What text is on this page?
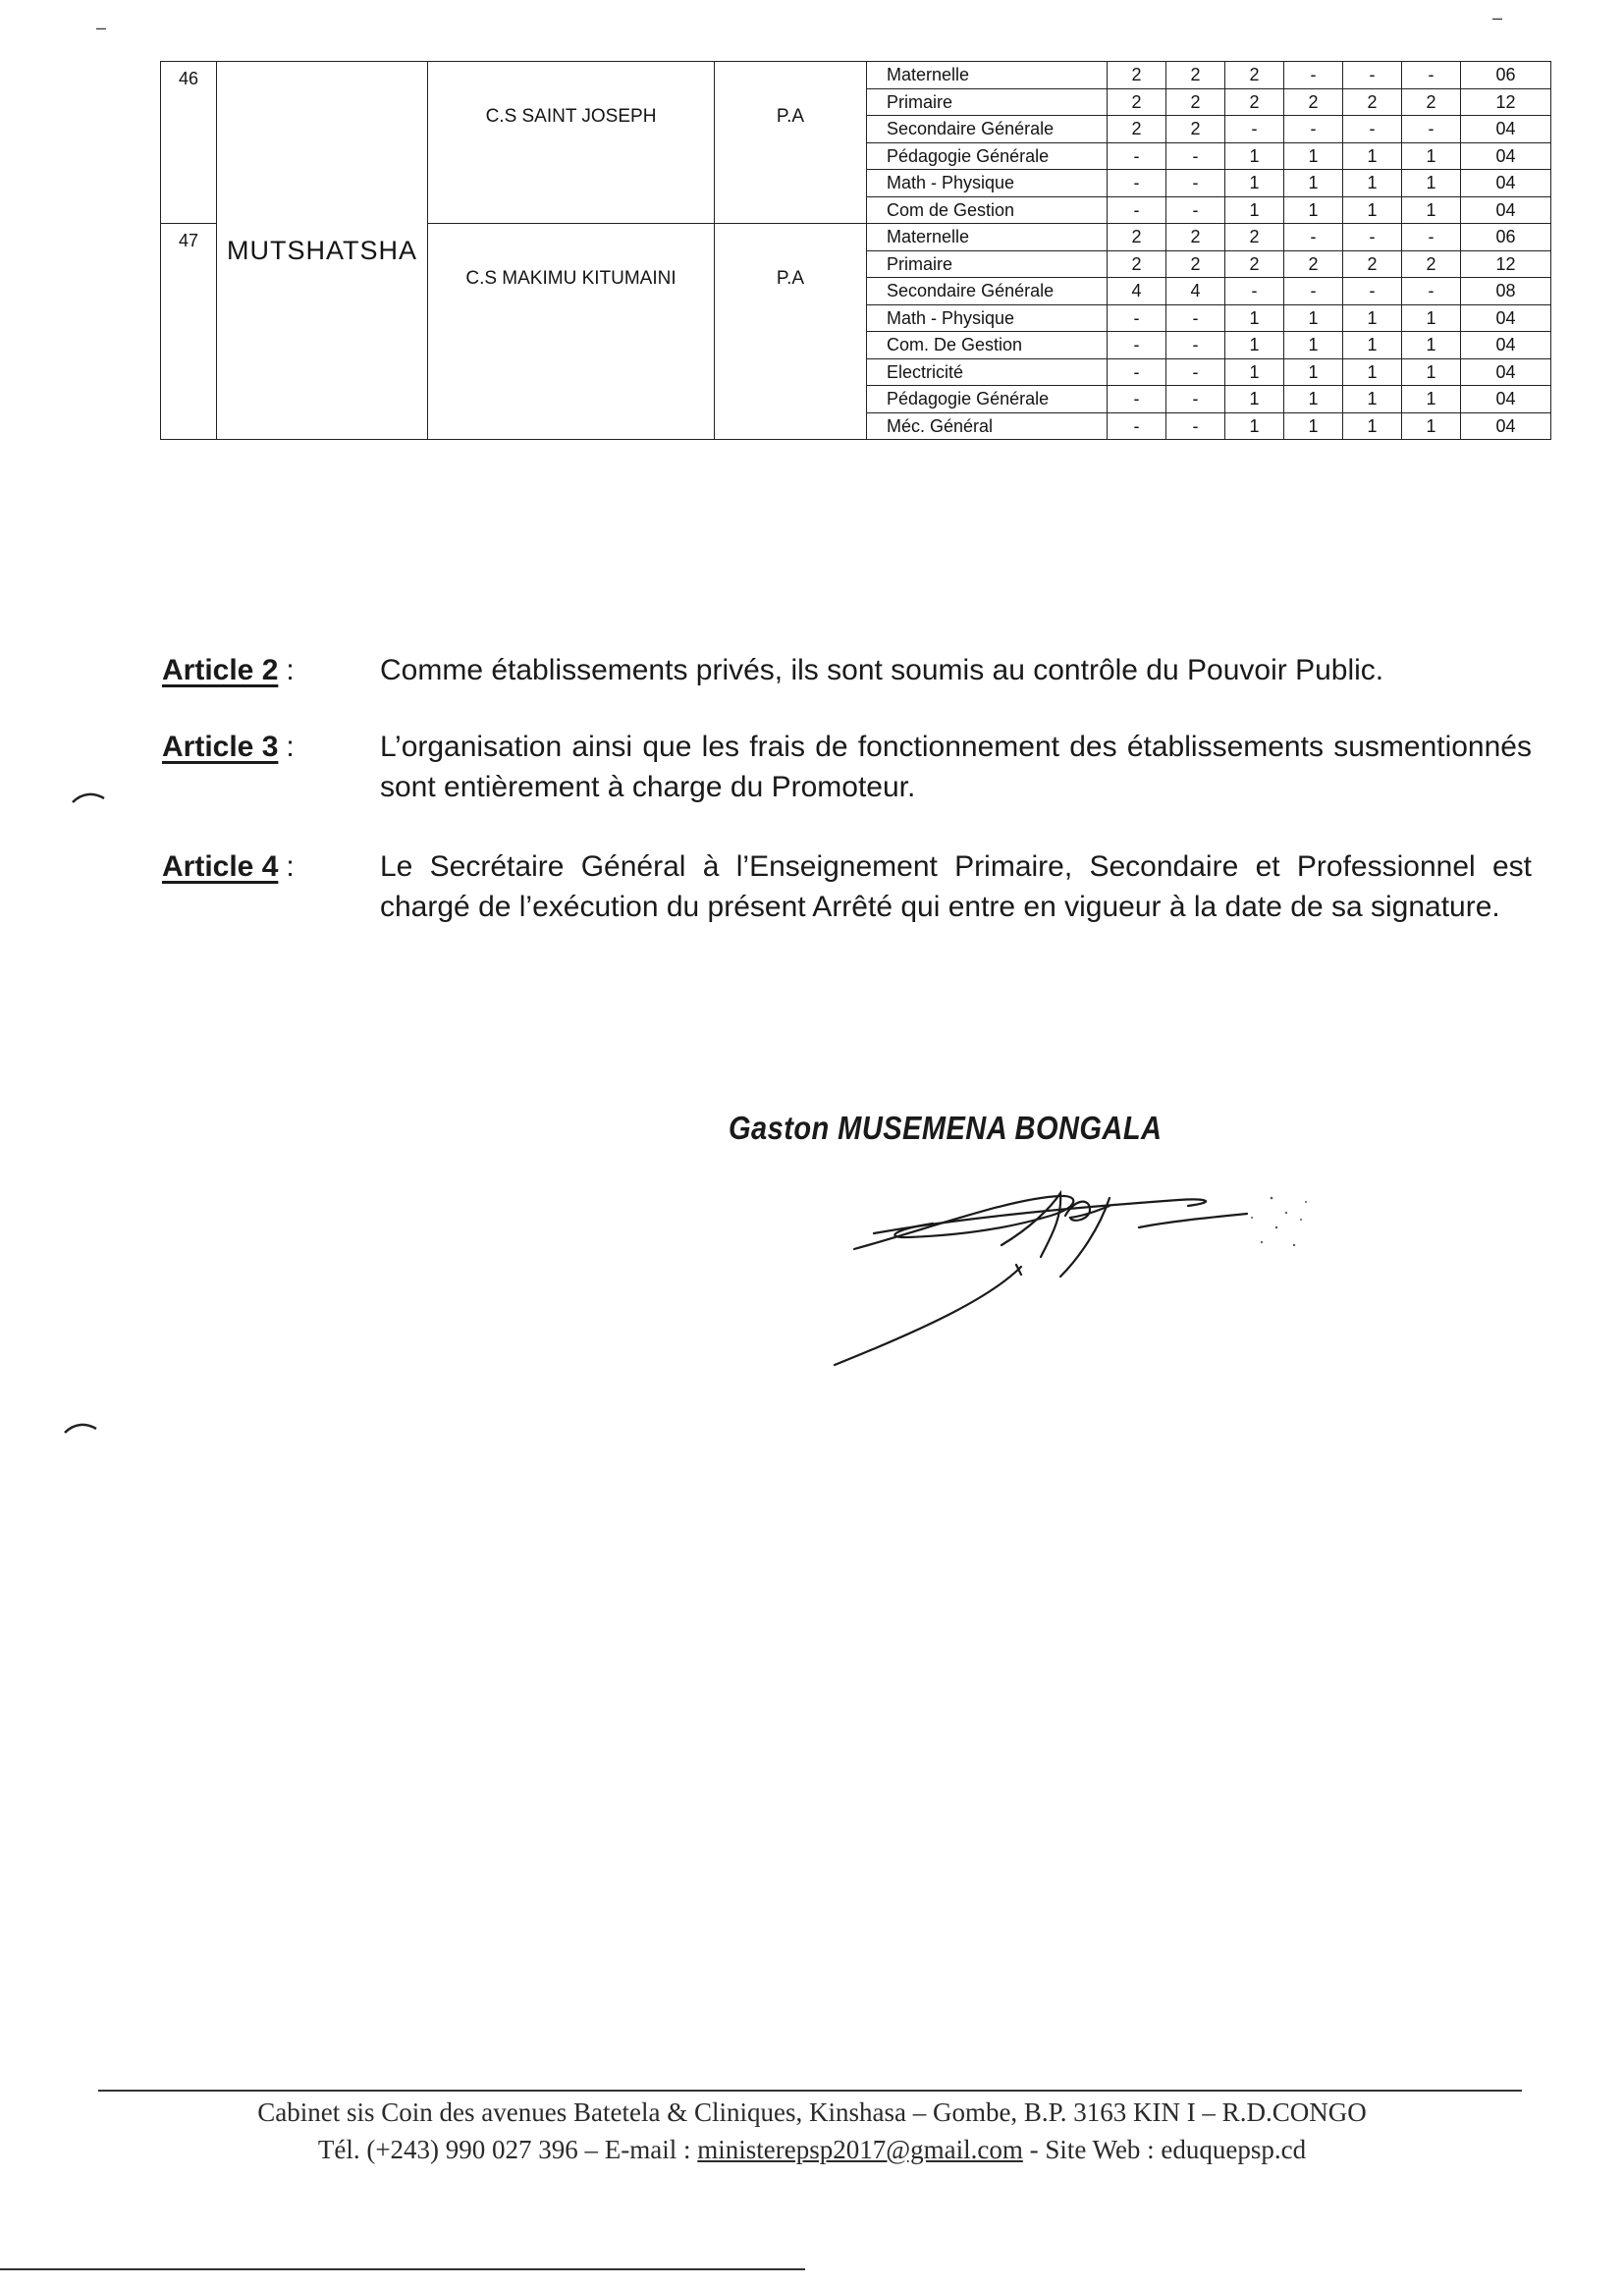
46	MUTSHATSHA	C.S SAINT JOSEPH	P.A	Maternelle	2	2	2	-	-	-	06
				Primaire	2	2	2	2	2	2	12
				Secondaire Générale	2	2	-	-	-	-	04
				Pédagogie Générale	-	-	1	1	1	1	04
				Math - Physique	-	-	1	1	1	1	04
				Com de Gestion	-	-	1	1	1	1	04
47		C.S MAKIMU KITUMAINI	P.A	Maternelle	2	2	2	-	-	-	06
				Primaire	2	2	2	2	2	2	12
				Secondaire Générale	4	4	-	-	-	-	08
				Math - Physique	-	-	1	1	1	1	04
				Com. De Gestion	-	-	1	1	1	1	04
				Electricité	-	-	1	1	1	1	04
				Pédagogie Générale	-	-	1	1	1	1	04
				Méc. Général	-	-	1	1	1	1	04
Article 2 :	Comme établissements privés, ils sont soumis au contrôle du Pouvoir Public.
Article 3 :	L’organisation ainsi que les frais de fonctionnement des établissements susmentionnés sont entièrement à charge du Promoteur.
Article 4 :	Le Secrétaire Général à l’Enseignement Primaire, Secondaire et Professionnel est chargé de l’exécution du présent Arrêté qui entre en vigueur à la date de sa signature.
Gaston MUSEMENA BONGALA
–	–
Cabinet sis Coin des avenues Batetela & Cliniques, Kinshasa – Gombe, B.P. 3163 KIN I – R.D.CONGO
Tél. (+243) 990 027 396 – E-mail : ministerepsp2017@gmail.com - Site Web : eduquepsp.cd
